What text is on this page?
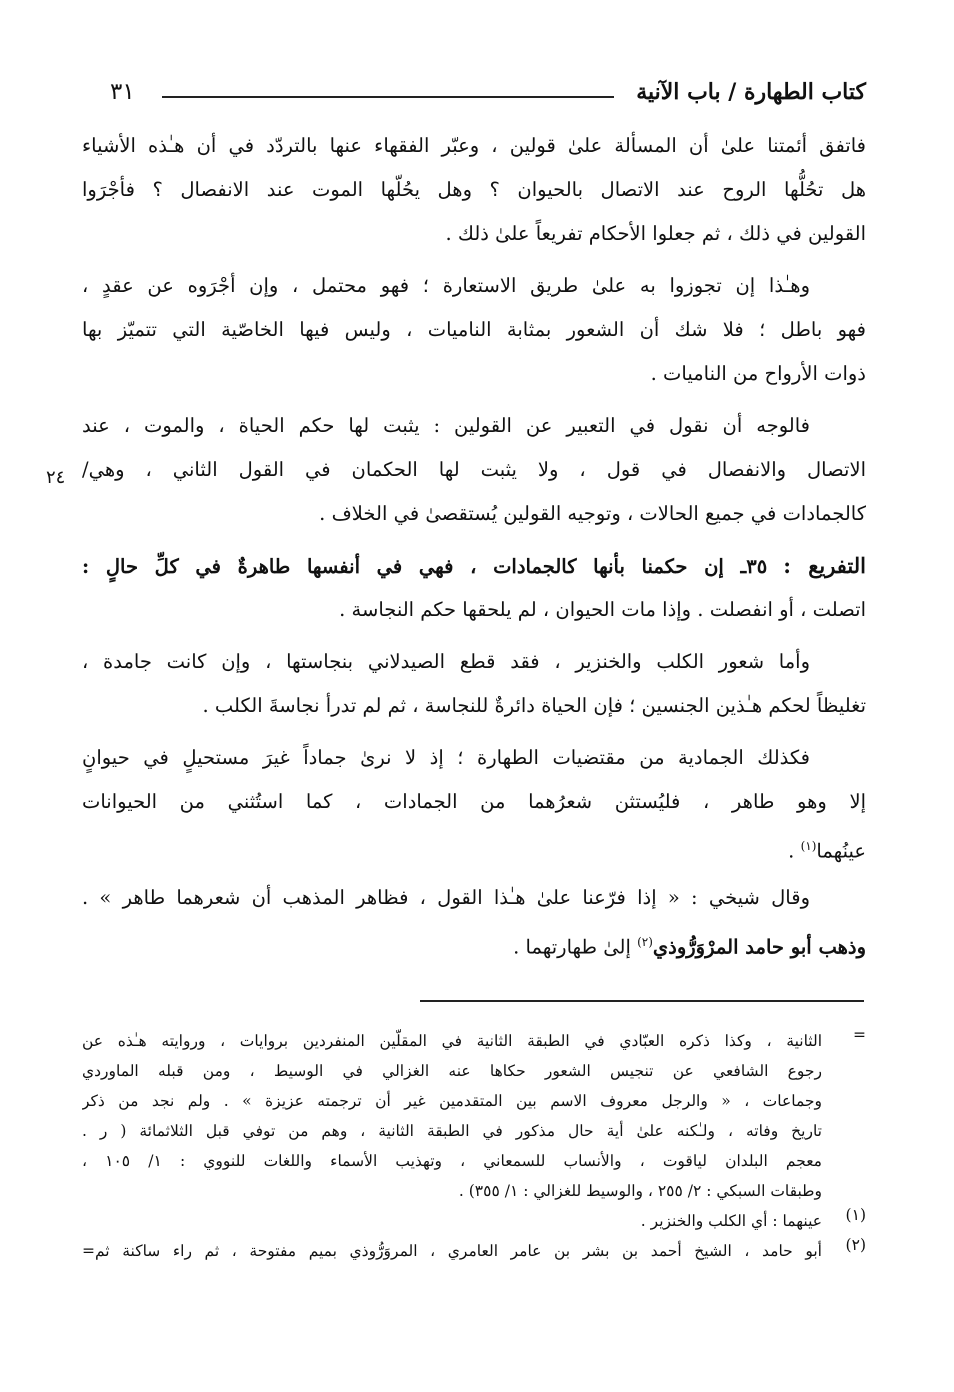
كتاب الطهارة / باب الآنية
٣١
٢٤
فاتفق أئمتنا علىٰ أن المسألة علىٰ قولين ، وعبّر الفقهاء عنها بالتردّد في أن هـٰذه الأشياء
هل تحُلُّها الروح عند الاتصال بالحيوان ؟ وهل يحُلّها الموت عند الانفصال ؟ فأجْرَوا
القولين في ذلك ، ثم جعلوا الأحكام تفريعاً علىٰ ذلك .
وهـٰذا إن تجوزوا به علىٰ طريق الاستعارة ؛ فهو محتمل ، وإن أجْرَوه عن عقدٍ ،
فهو باطل ؛ فلا شك أن الشعور بمثابة الناميات ، وليس فيها الخاصّية التي تتميّز بها
ذوات الأرواح من الناميات .
فالوجه أن نقول في التعبير عن القولين : يثبت لها حكم الحياة ، والموت ، عند
الاتصال والانفصال في قول ، ولا يثبت لها الحكمان في القول الثاني ، وهي/
كالجمادات في جميع الحالات ، وتوجيه القولين يُستقصىٰ في الخلاف .
التفريع : ٣٥ـ إن حكمنا بأنها كالجمادات ، فهي في أنفسها طاهرةٌ في كلِّ حالٍ :
اتصلت ، أو انفصلت . وإذا مات الحيوان ، لم يلحقها حكم النجاسة .
وأما شعور الكلب والخنزير ، فقد قطع الصيدلاني بنجاستها ، وإن كانت جامدة ،
تغليظاً لحكم هـٰذين الجنسين ؛ فإن الحياة دائرةٌ للنجاسة ، ثم لم تدرأ نجاسةَ الكلب .
فكذلك الجمادية من مقتضيات الطهارة ؛ إذ لا نرىٰ جماداً غيرَ مستحيلٍ في حيوانٍ
إلا وهو طاهر ، فليُستثن شعرُهما من الجمادات ، كما استُثني من الحيوانات
عينُهما$^{(١)}$ .
وقال شيخي : « إذا فرّعنا علىٰ هـٰذا القول ، فظاهر المذهب أن شعرهما طاهر » .
وذهب أبو حامد المرْوَرُّوذي$^{(٢)}$ إلىٰ طهارتهما .
=
الثانية ، وكذا ذكره العبّادي في الطبقة الثانية في المقلّين المنفردين بروايات ، وروايته هـٰذه عن
رجوع الشافعي عن تنجيس الشعور حكاها عنه الغزالي في الوسيط ، ومن قبله الماوردي
وجماعات ، « والرجل معروف الاسم بين المتقدمين غير أن ترجمته عزيزة » . ولم نجد من ذكر
تاريخ وفاته ، ولـٰكنه علىٰ أية حال مذكور في الطبقة الثانية ، وهم من توفي قبل الثلاثمائة ( ر .
معجم البلدان لياقوت ، والأنساب للسمعاني ، وتهذيب الأسماء واللغات للنووي : ١/ ١٠٥ ،
وطبقات السبكي : ٢/ ٢٥٥ ، والوسيط للغزالي : ١/ ٣٥٥) .
(١)
عينهما : أي الكلب والخنزير .
(٢)
أبو حامد ، الشيخ أحمد بن بشر بن عامر العامري ، المروَرُّوذي بميم مفتوحة ، ثم راء ساكنة ثم=
